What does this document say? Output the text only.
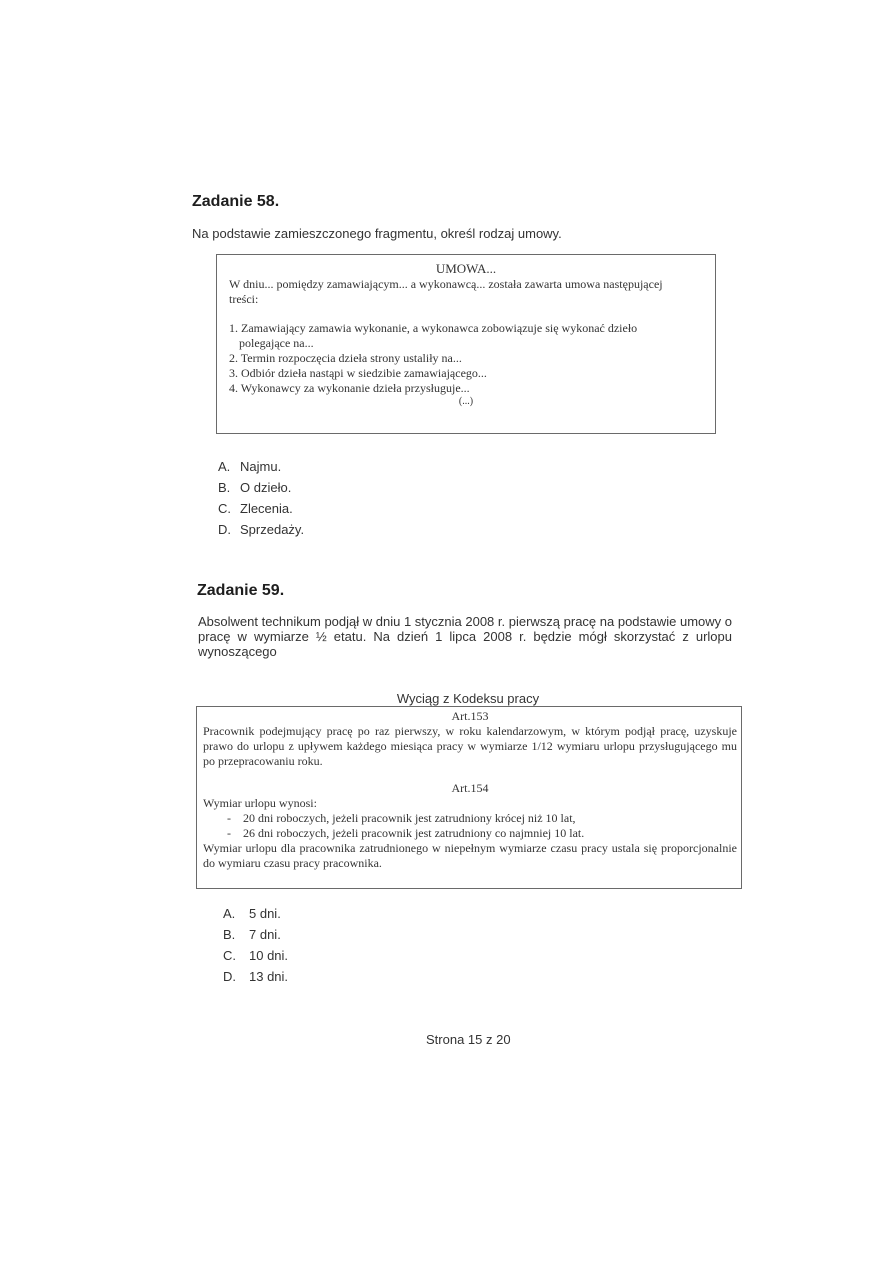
Zadanie 58.
Na podstawie zamieszczonego fragmentu, określ rodzaj umowy.
UMOWA...
W dniu... pomiędzy zamawiającym... a wykonawcą... została zawarta umowa następującej treści:
1. Zamawiający zamawia wykonanie, a wykonawca zobowiązuje się wykonać dzieło polegające na...
2. Termin rozpoczęcia dzieła strony ustaliły na...
3. Odbiór dzieła nastąpi w siedzibie zamawiającego...
4. Wykonawcy za wykonanie dzieła przysługuje...
(...)
A. Najmu.
B. O dzieło.
C. Zlecenia.
D. Sprzedaży.
Zadanie 59.
Absolwent technikum podjął w dniu 1 stycznia 2008 r. pierwszą pracę na podstawie umowy o pracę w wymiarze ½ etatu. Na dzień 1 lipca 2008 r. będzie mógł skorzystać z urlopu wynoszącego
Wyciąg z Kodeksu pracy
Art.153
Pracownik podejmujący pracę po raz pierwszy, w roku kalendarzowym, w którym podjął pracę, uzyskuje prawo do urlopu z upływem każdego miesiąca pracy w wymiarze 1/12 wymiaru urlopu przysługującego mu po przepracowaniu roku.
Art.154
Wymiar urlopu wynosi:
- 20 dni roboczych, jeżeli pracownik jest zatrudniony krócej niż 10 lat,
- 26 dni roboczych, jeżeli pracownik jest zatrudniony co najmniej 10 lat.
Wymiar urlopu dla pracownika zatrudnionego w niepełnym wymiarze czasu pracy ustala się proporcjonalnie do wymiaru czasu pracy pracownika.
A.	5 dni.
B.	7 dni.
C.	10 dni.
D.	13 dni.
Strona 15 z 20
